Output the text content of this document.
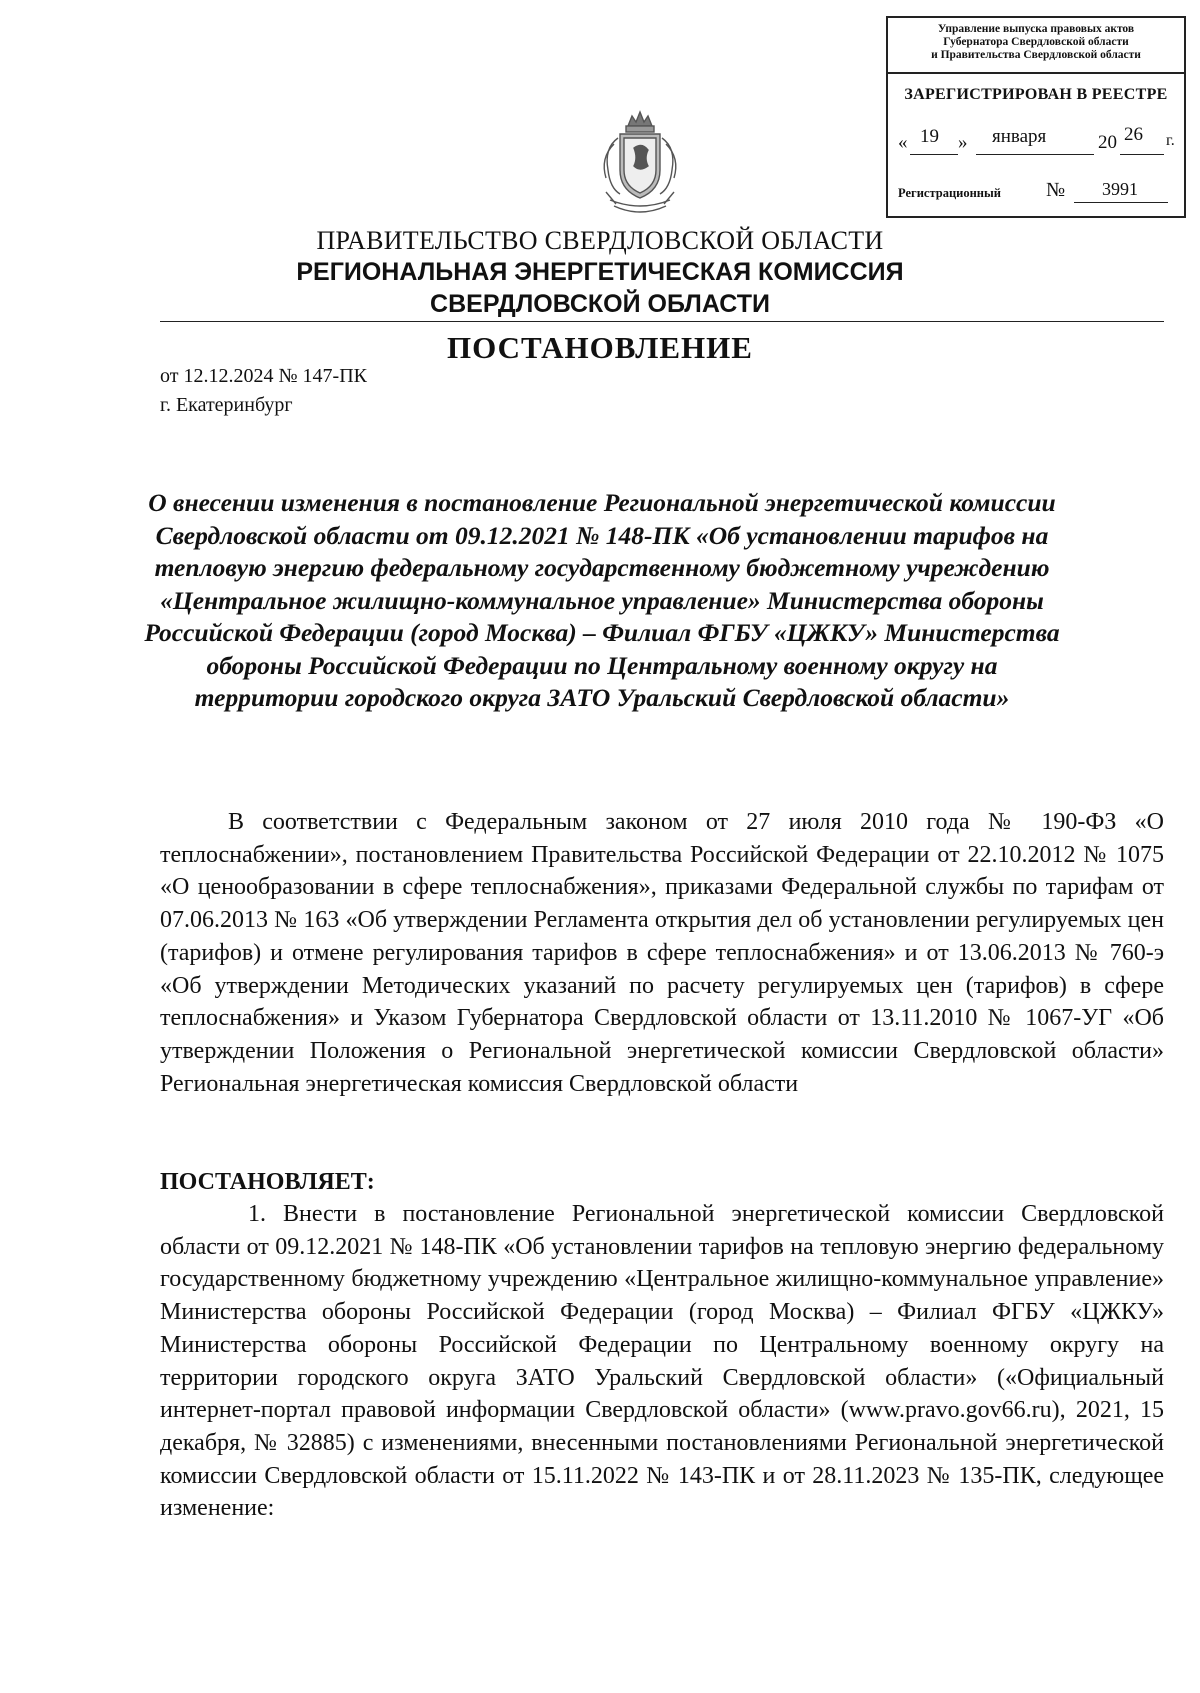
Управление выпуска правовых актов
Губернатора Свердловской области
и Правительства Свердловской области
ЗАРЕГИСТРИРОВАН В РЕЕСТРЕ
« 19 » января	20 26 г.
Регистрационный №	3991
ПРАВИТЕЛЬСТВО СВЕРДЛОВСКОЙ ОБЛАСТИ
РЕГИОНАЛЬНАЯ ЭНЕРГЕТИЧЕСКАЯ КОМИССИЯ
СВЕРДЛОВСКОЙ ОБЛАСТИ
ПОСТАНОВЛЕНИЕ
от 12.12.2024 № 147-ПК
г. Екатеринбург

О внесении изменения в постановление Региональной энергетической комиссии Свердловской области от 09.12.2021 № 148-ПК «Об установлении тарифов на тепловую энергию федеральному государственному бюджетному учреждению «Центральное жилищно-коммунальное управление» Министерства обороны Российской Федерации (город Москва) – Филиал ФГБУ «ЦЖКУ» Министерства обороны Российской Федерации по Центральному военному округу на территории городского округа ЗАТО Уральский Свердловской области»

В соответствии с Федеральным законом от 27 июля 2010 года № 190-ФЗ «О теплоснабжении», постановлением Правительства Российской Федерации от 22.10.2012 № 1075 «О ценообразовании в сфере теплоснабжения», приказами Федеральной службы по тарифам от 07.06.2013 № 163 «Об утверждении Регламента открытия дел об установлении регулируемых цен (тарифов) и отмене регулирования тарифов в сфере теплоснабжения» и от 13.06.2013 № 760-э «Об утверждении Методических указаний по расчету регулируемых цен (тарифов) в сфере теплоснабжения» и Указом Губернатора Свердловской области от 13.11.2010 № 1067-УГ «Об утверждении Положения о Региональной энергетической комиссии Свердловской области» Региональная энергетическая комиссия Свердловской области

ПОСТАНОВЛЯЕТ:

1. Внести в постановление Региональной энергетической комиссии Свердловской области от 09.12.2021 № 148-ПК «Об установлении тарифов на тепловую энергию федеральному государственному бюджетному учреждению «Центральное жилищно-коммунальное управление» Министерства обороны Российской Федерации (город Москва) – Филиал ФГБУ «ЦЖКУ» Министерства обороны Российской Федерации по Центральному военному округу на территории городского округа ЗАТО Уральский Свердловской области» («Официальный интернет-портал правовой информации Свердловской области» (www.pravo.gov66.ru), 2021, 15 декабря, № 32885) с изменениями, внесенными постановлениями Региональной энергетической комиссии Свердловской области от 15.11.2022 № 143-ПК и от 28.11.2023 № 135-ПК, следующее изменение:
